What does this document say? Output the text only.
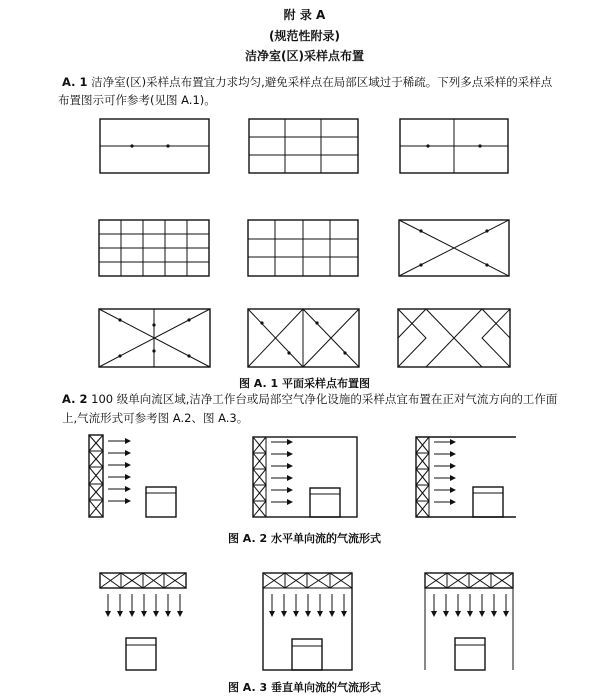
附 录 A
(规范性附录)
洁净室(区)采样点布置
A. 1 洁净室(区)采样点布置宜力求均匀,避免采样点在局部区域过于稀疏。下列多点采样的采样点
布置图示可作参考(见图 A.1)。
图 A. 1 平面采样点布置图
A. 2 100 级单向流区域,洁净工作台或局部空气净化设施的采样点宜布置在正对气流方向的工作面
上,气流形式可参考图 A.2、图 A.3。
图 A. 2 水平单向流的气流形式
图 A. 3 垂直单向流的气流形式
